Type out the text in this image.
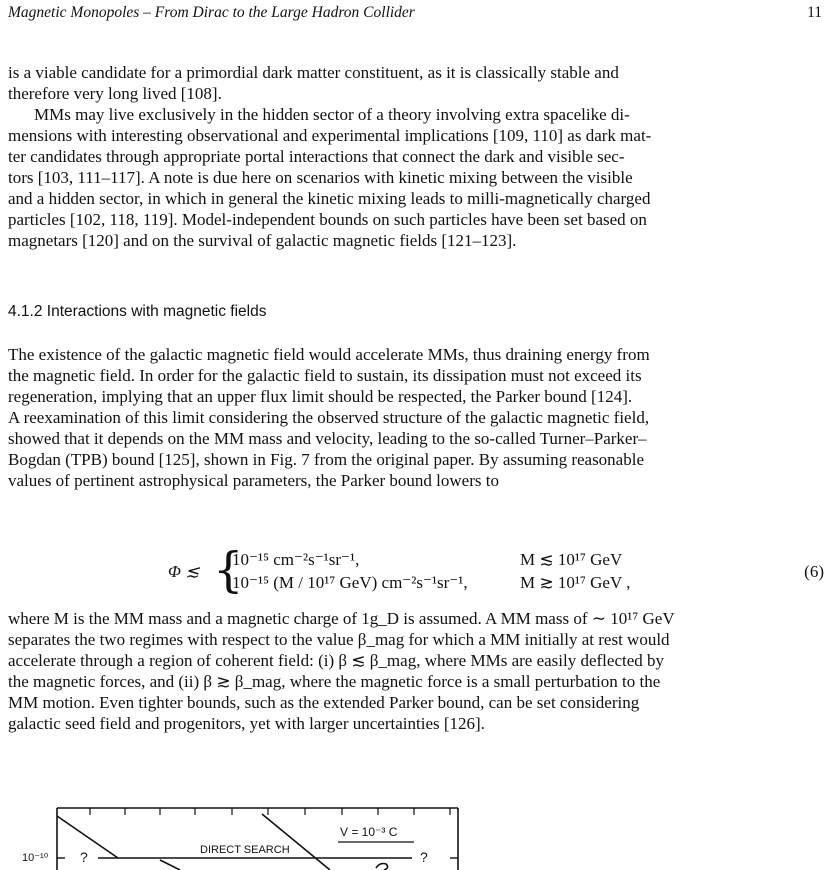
Magnetic Monopoles – From Dirac to the Large Hadron Collider	11
is a viable candidate for a primordial dark matter constituent, as it is classically stable and
therefore very long lived [108].
MMs may live exclusively in the hidden sector of a theory involving extra spacelike di-
mensions with interesting observational and experimental implications [109, 110] as dark mat-
ter candidates through appropriate portal interactions that connect the dark and visible sec-
tors [103, 111–117]. A note is due here on scenarios with kinetic mixing between the visible
and a hidden sector, in which in general the kinetic mixing leads to milli-magnetically charged
particles [102, 118, 119]. Model-independent bounds on such particles have been set based on
magnetars [120] and on the survival of galactic magnetic fields [121–123].
4.1.2 Interactions with magnetic fields
The existence of the galactic magnetic field would accelerate MMs, thus draining energy from
the magnetic field. In order for the galactic field to sustain, its dissipation must not exceed its
regeneration, implying that an upper flux limit should be respected, the Parker bound [124].
A reexamination of this limit considering the observed structure of the galactic magnetic field,
showed that it depends on the MM mass and velocity, leading to the so-called Turner–Parker–
Bogdan (TPB) bound [125], shown in Fig. 7 from the original paper. By assuming reasonable
values of pertinent astrophysical parameters, the Parker bound lowers to
Φ ≲ {
10⁻¹⁵ cm⁻²s⁻¹sr⁻¹,	M ≲ 10¹⁷ GeV
10⁻¹⁵ (M / 10¹⁷ GeV) cm⁻²s⁻¹sr⁻¹,	M ≳ 10¹⁷ GeV ,
(6)
where M is the MM mass and a magnetic charge of 1g_D is assumed. A MM mass of ∼ 10¹⁷ GeV
separates the two regimes with respect to the value β_mag for which a MM initially at rest would
accelerate through a region of coherent field: (i) β ≲ β_mag, where MMs are easily deflected by
the magnetic forces, and (ii) β ≳ β_mag, where the magnetic force is a small perturbation to the
MM motion. Even tighter bounds, such as the extended Parker bound, can be set considering
galactic seed field and progenitors, yet with larger uncertainties [126].
10⁻¹⁰
DIRECT SEARCH
?	?
V = 10⁻³ C
